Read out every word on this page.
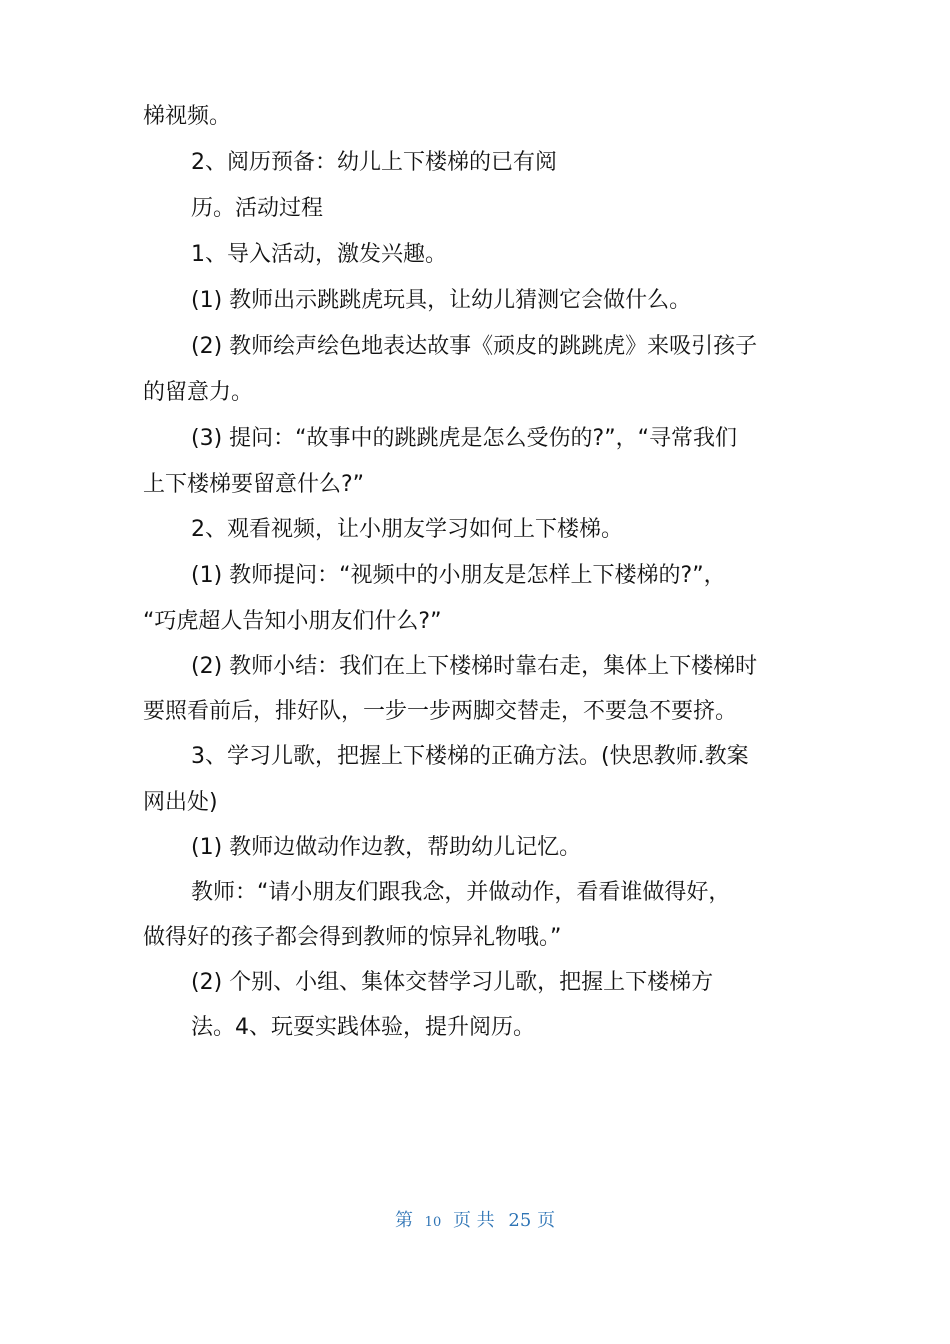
梯视频。
2、阅历预备：幼儿上下楼梯的已有阅
历。活动过程
1、导入活动，激发兴趣。
(1) 教师出示跳跳虎玩具，让幼儿猜测它会做什么。
(2) 教师绘声绘色地表达故事《顽皮的跳跳虎》来吸引孩子
的留意力。
(3) 提问：“故事中的跳跳虎是怎么受伤的?”，“寻常我们
上下楼梯要留意什么?”
2、观看视频，让小朋友学习如何上下楼梯。
(1) 教师提问：“视频中的小朋友是怎样上下楼梯的?”，
“巧虎超人告知小朋友们什么?”
(2) 教师小结：我们在上下楼梯时靠右走，集体上下楼梯时
要照看前后，排好队，一步一步两脚交替走，不要急不要挤。
3、学习儿歌，把握上下楼梯的正确方法。(快思教师.教案
网出处)
(1) 教师边做动作边教，帮助幼儿记忆。
教师：“请小朋友们跟我念，并做动作，看看谁做得好，
做得好的孩子都会得到教师的惊异礼物哦。”
(2) 个别、小组、集体交替学习儿歌，把握上下楼梯方
法。4、玩耍实践体验，提升阅历。
第 10 页 共 25 页
